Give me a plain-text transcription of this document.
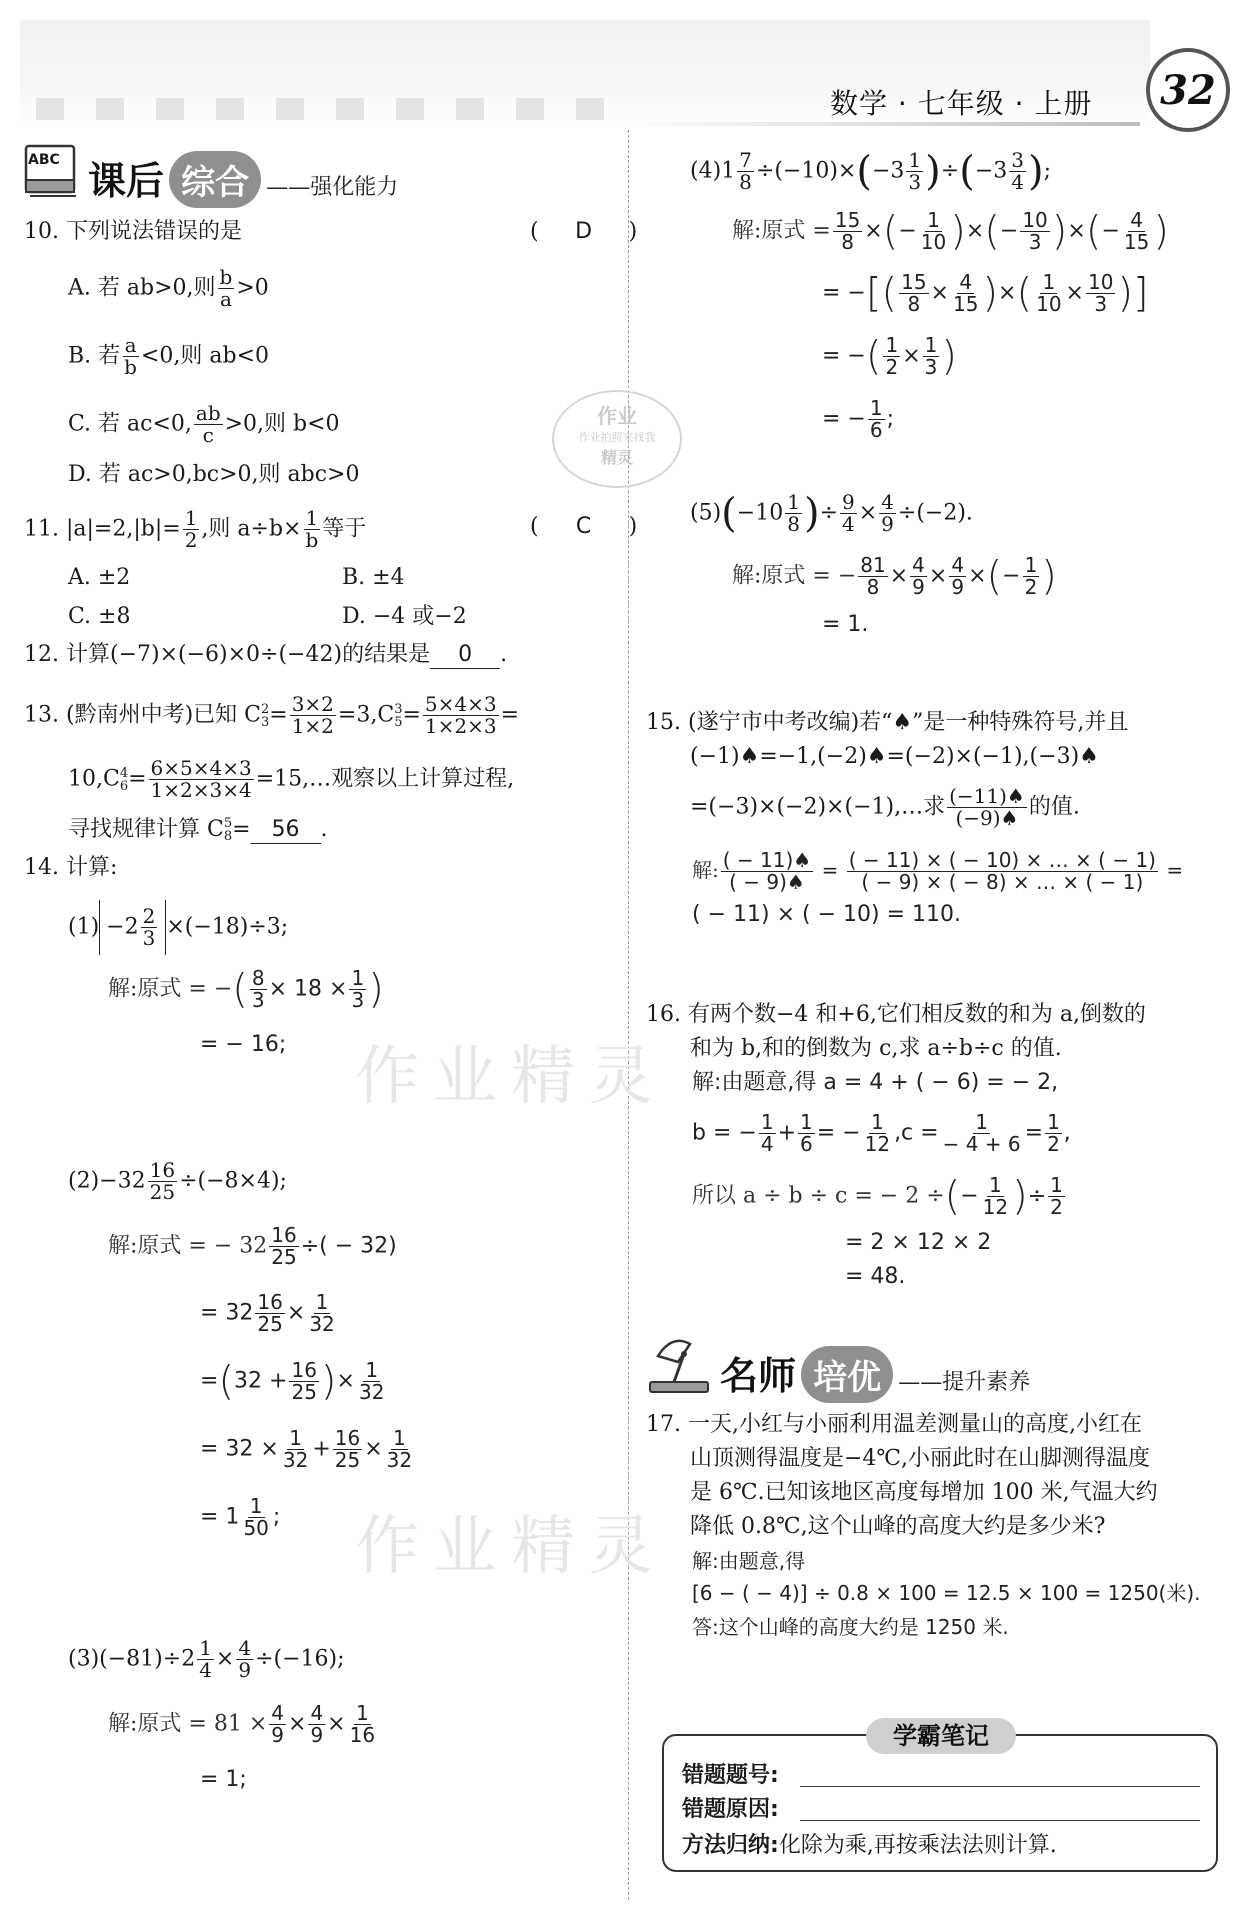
数学 · 七年级 · 上册	32
作业精灵
作业精灵
作业
作业拍照来找我
精灵
ABC 课后 综合 ——强化能力
10. 下列说法错误的是	( D )
A. 若 ab>0,则 $\frac{b}{a} >0$
B. 若 $\frac{a}{b} <0$,则 ab<0
C. 若 ac<0, $\frac{ab}{c} >0$,则 b<0
D. 若 ac>0,bc>0,则 abc>0
11. $|a|=2,|b|= \frac{1}{2}$ ,则 $a\div b\times \frac{1}{b}$ 等于	( C )
A. ±2	B. ±4
C. ±8	D. −4 或−2
12. 计算(−7)×(−6)×0÷(−42)的结果是 0 .
13. (黔南州中考)已知 C 2
$3 = \frac{3\times 2}{1\times 2} =3,C$ 3
$5 = \frac{5\times 4\times 3}{1\times 2\times 3}$ =
10,C 4
$6 = \frac{6\times 5\times 4\times 3}{1\times 2\times 3\times 4}$ =15,…观察以上计算过程,
寻找规律计算 C 5
8 = 56 .
14. 计算:
$(1) -2 \frac{2}{3} \times(-18)\div 3$;
解:原式 = −( $\frac{8}{3} \times 18 \times \frac{1}{3}$ )
= − 16;
$(2)-32 \frac{16}{25} \div(-8\times 4)$;
解:原式 = − $32 \frac{16}{25}$ ÷( − 32)
= $32 \frac{16}{25} \times \frac{1}{32}$
$=(32 + \frac{16}{25}$ )× $\frac{1}{32}$
= $32 \times \frac{1}{32} + \frac{16}{25} \times \frac{1}{32}$
= $1 \frac{1}{50}$ ;
$(3)(-81)\div 2 \frac{1}{4} \times \frac{4}{9} \div(-16)$;
解:原式 = $81 \times \frac{4}{9} \times \frac{4}{9} \times \frac{1}{16}$
= 1;
$(4)1 \frac{7}{8} \div(-10)\times(-3 \frac{1}{3} )\div(-3 \frac{3}{4}$ );
解:原式 = $\frac{15}{8}$ ×(− $\frac{1}{10}$ )×(− $\frac{10}{3}$ )×(− $\frac{4}{15}$ )
= −[( $\frac{15}{8} \times \frac{4}{15}$ )×( $\frac{1}{10} \times \frac{10}{3}$ )]
= −( $\frac{1}{2} \times \frac{1}{3}$ )
= − $\frac{1}{6}$ ;
$(5)(-10 \frac{1}{8}$ )÷ $\frac{9}{4} \times \frac{4}{9} \div(-2)$.
解:原式 = − $\frac{81}{8} \times \frac{4}{9} \times \frac{4}{9}$ ×(− $\frac{1}{2}$ )
= 1.
15. (遂宁市中考改编)若“♠”是一种特殊符号,并且
(−1)♠=−1,(−2)♠=(−2)×(−1),(−3)♠
=(−3)×(−2)×(−1),…求 $\frac{(-11)♠}{(-9)♠}$ 的值.
解: $\frac{( - 11)♠}{( - 9)♠} = \frac{( - 11) \times ( - 10) \times \dots \times ( - 1)}{( - 9) \times ( - 8) \times \dots \times ( - 1)}$ =
( − 11) × ( − 10) = 110.
16. 有两个数−4 和+6,它们相反数的和为 a,倒数的
和为 b,和的倒数为 c,求 a÷b÷c 的值.
解:由题意,得 a = 4 + ( − 6) = − 2,
b = − $\frac{1}{4} + \frac{1}{6}$ = − $\frac{1}{12} ,c = \frac{1}{- 4 + 6} = \frac{1}{2}$ ,
所以 a ÷ b ÷ c = − 2 ÷(− $\frac{1}{12}$ )÷ $\frac{1}{2}$
= 2 × 12 × 2
= 48.
名师 培优 ——提升素养
17. 一天,小红与小丽利用温差测量山的高度,小红在
山顶测得温度是−4℃,小丽此时在山脚测得温度
是 6℃.已知该地区高度每增加 100 米,气温大约
降低 0.8℃,这个山峰的高度大约是多少米?
解:由题意,得
[6 − ( − 4)] ÷ 0.8 × 100 = 12.5 × 100 = 1250(米).
答:这个山峰的高度大约是 1250 米.
学霸笔记
错题题号:
错题原因:
方法归纳:化除为乘,再按乘法法则计算.
